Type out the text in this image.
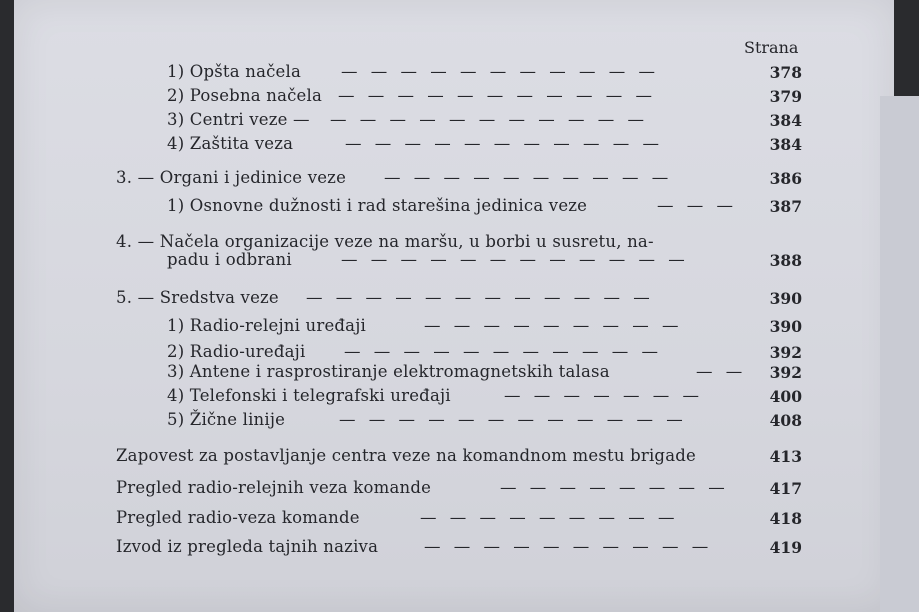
Strana
1) Opšta načela — — — — — — — — — — —	378
2) Posebna načela — — — — — — — — — — —	379
3) Centri veze — — — — — — — — — — — —	384
4) Zaštita veza	— — — — — — — — — — —	384
3. — Organi i jedinice veze — — — — — — — — — —	386
1) Osnovne dužnosti i rad starešina jedinica veze	— — —	387
4. — Načela organizacije veze na maršu, u borbi u susretu, na-
padu i odbrani	— — — — — — — — — — — —	388
5. — Sredstva veze — — — — — — — — — — — —	390
1) Radio-relejni uređaji	— — — — — — — — —	390
2) Radio-uređaji — — — — — — — — — — —	392
3) Antene i rasprostiranje elektromagnetskih talasa	— —	392
4) Telefonski i telegrafski uređaji	— — — — — — —	400
5) Žične linije	— — — — — — — — — — — —	408
Zapovest za postavljanje centra veze na komandnom mestu brigade	413
Pregled radio-relejnih veza komande	— — — — — — — —	417
Pregled radio-veza komande	— — — — — — — — —	418
Izvod iz pregleda tajnih naziva	— — — — — — — — — —	419
